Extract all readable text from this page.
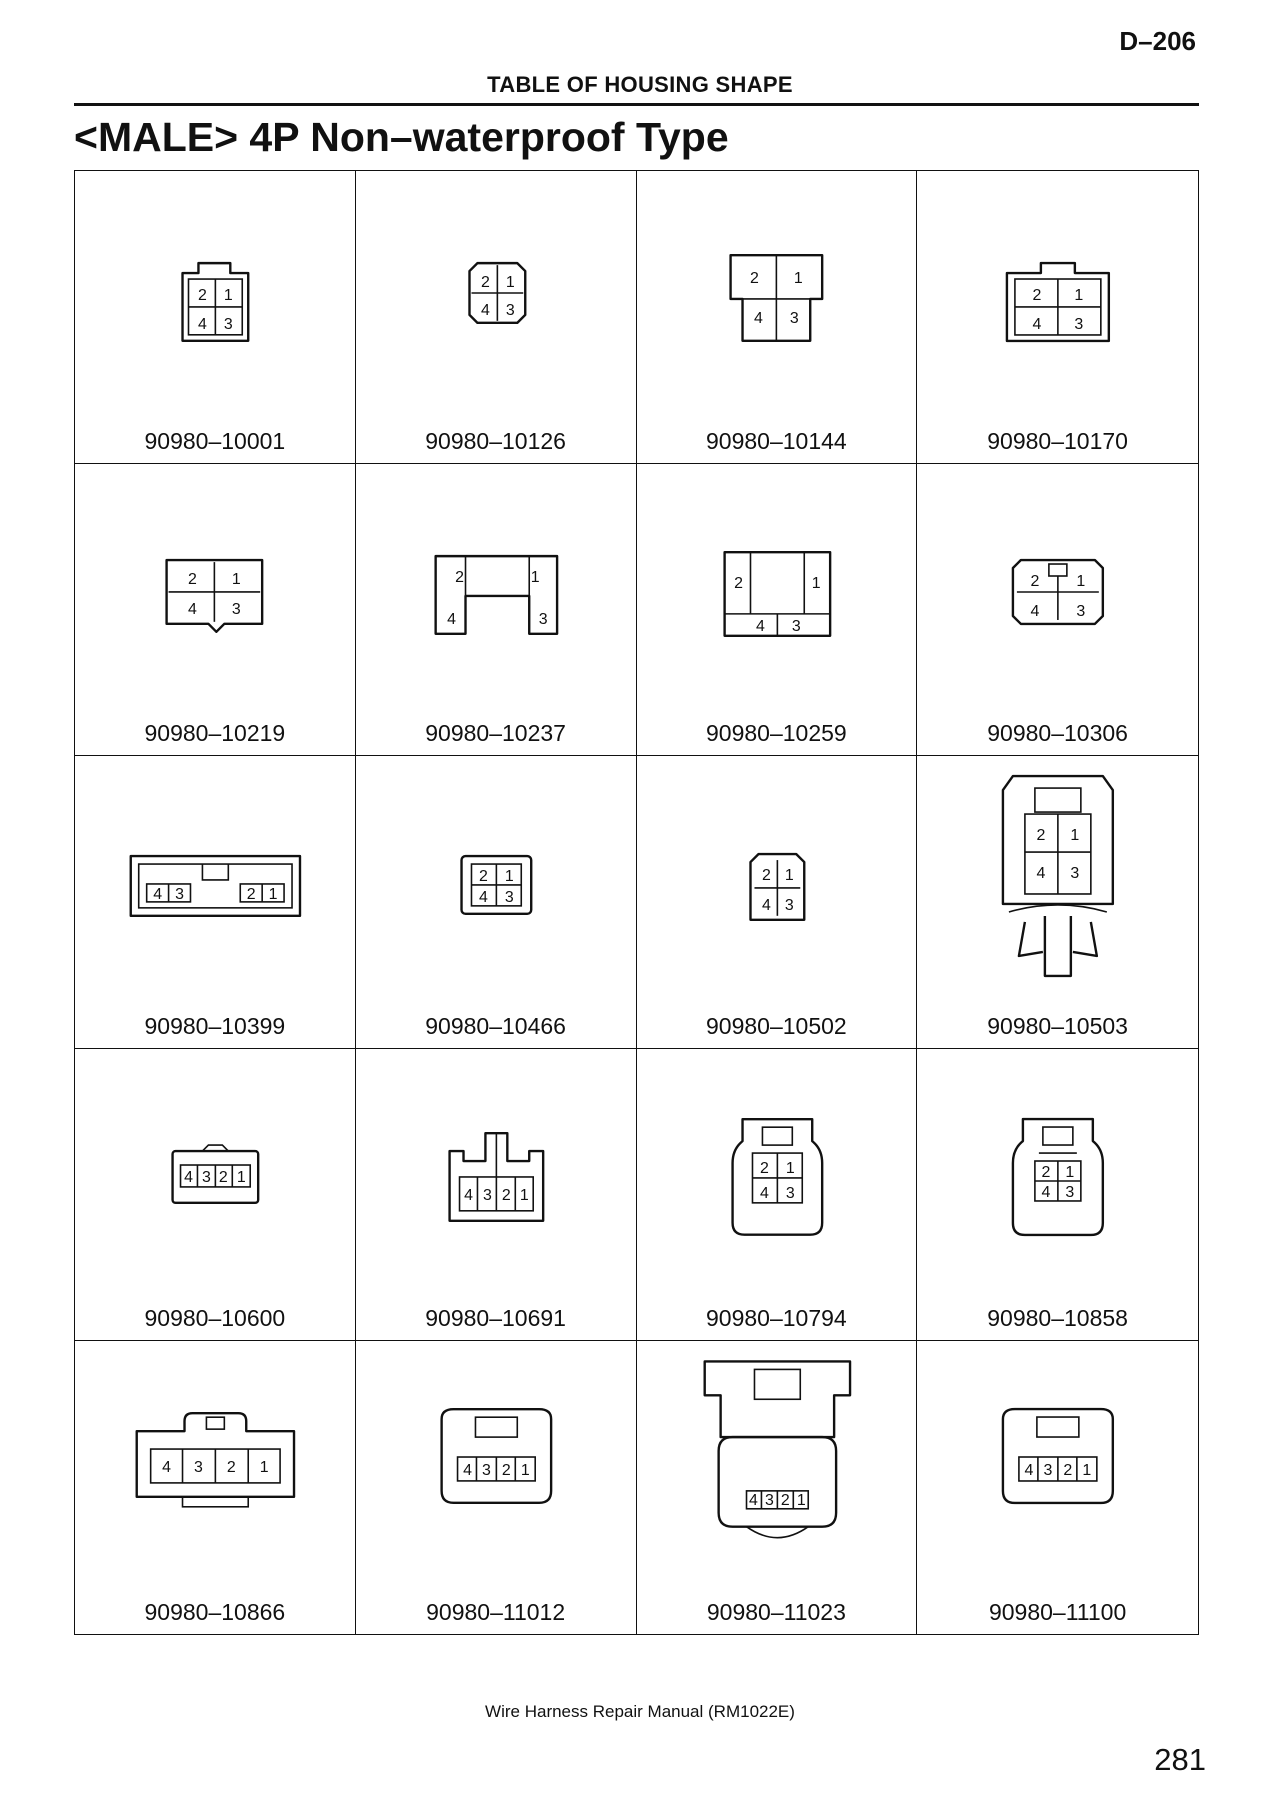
D–206
TABLE OF HOUSING SHAPE
<MALE> 4P Non–waterproof Type
2 1
4 3
90980–10001
2 1
4 3
90980–10126
2 1
4 3
90980–10144
2 1
4 3
90980–10170
2 1
4 3
90980–10219
2	1
4	3
90980–10237
2	1
4 3
90980–10259
2 1
4 3
90980–10306
4 3	2 1
90980–10399
2 1
4 3
90980–10466
2 1
4 3
90980–10502
2 1
4 3
90980–10503
4 3 2 1
90980–10600
4 3 2 1
90980–10691
2 1
4 3
90980–10794
2 1
4 3
90980–10858
4 3 2 1
90980–10866
4 3 2 1
90980–11012
4 3 2 1
90980–11023
4 3 2 1
90980–11100
Wire Harness Repair Manual (RM1022E)
281
